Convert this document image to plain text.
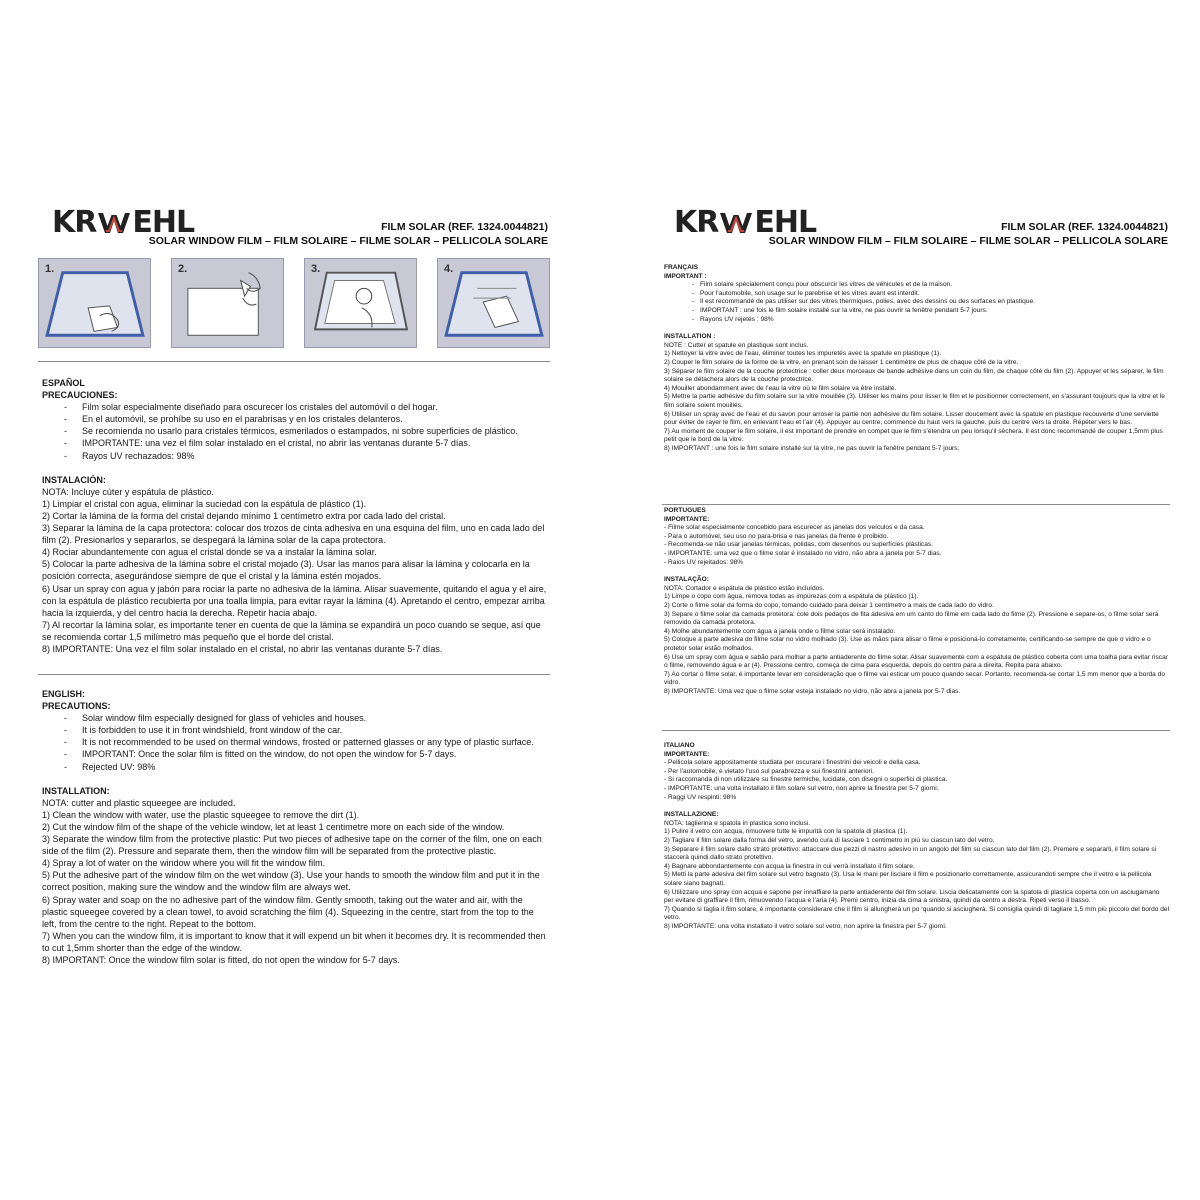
KR EHL	FILM SOLAR (REF. 1324.0044821)
SOLAR WINDOW FILM – FILM SOLAIRE – FILME SOLAR – PELLICOLA SOLARE
1.	2.	3.	4.

ESPAÑOL

PRECAUCIONES:

- Film solar especialmente diseñado para oscurecer los cristales del automóvil o del hogar.
- En el automóvil, se prohíbe su uso en el parabrisas y en los cristales delanteros.
- Se recomienda no usarlo para cristales térmicos, esmerilados o estampados, ni sobre superficies de plástico.
- IMPORTANTE: una vez el film solar instalado en el cristal, no abrir las ventanas durante 5-7 días.
- Rayos UV rechazados: 98%

INSTALACIÓN:

NOTA: Incluye cúter y espátula de plástico.

1) Limpiar el cristal con agua, eliminar la suciedad con la espátula de plástico (1).

2) Cortar la lámina de la forma del cristal dejando mínimo 1 centímetro extra por cada lado del cristal.

3) Separar la lámina de la capa protectora: colocar dos trozos de cinta adhesiva en una esquina del film, uno en cada lado del film (2). Presionarlos y separarlos, se despegará la lámina solar de la capa protectora.

4) Rociar abundantemente con agua el cristal donde se va a instalar la lámina solar.

5) Colocar la parte adhesiva de la lámina sobre el cristal mojado (3). Usar las manos para alisar la lámina y colocarla en la posición correcta, asegurándose siempre de que el cristal y la lámina estén mojados.

6) Usar un spray con agua y jabón para rociar la parte no adhesiva de la lámina. Alisar suavemente, quitando el agua y el aire, con la espátula de plástico recubierta por una toalla limpia, para evitar rayar la lámina (4). Apretando el centro, empezar arriba hacia la izquierda, y del centro hacia la derecha. Repetir hacia abajo.

7) Al recortar la lámina solar, es importante tener en cuenta de que la lámina se expandirá un poco cuando se seque, así que se recomienda cortar 1,5 milímetro más pequeño que el borde del cristal.

8) IMPORTANTE: Una vez el film solar instalado en el cristal, no abrir las ventanas durante 5-7 días.

ENGLISH:

PRECAUTIONS:

- Solar window film especially designed for glass of vehicles and houses.
- It is forbidden to use it in front windshield, front window of the car.
- It is not recommended to be used on thermal windows, frosted or patterned glasses or any type of plastic surface.
- IMPORTANT: Once the solar film is fitted on the window, do not open the window for 5-7 days.
- Rejected UV: 98%

INSTALLATION:

NOTA: cutter and plastic squeegee are included.

1) Clean the window with water, use the plastic squeegee to remove the dirt (1).

2) Cut the window film of the shape of the vehicle window, let at least 1 centimetre more on each side of the window.

3) Separate the window film from the protective plastic: Put two pieces of adhesive tape on the corner of the film, one on each side of the film (2). Pressure and separate them, then the window film will be separated from the protective plastic.

4) Spray a lot of water on the window where you will fit the window film.

5) Put the adhesive part of the window film on the wet window (3). Use your hands to smooth the window film and put it in the correct position, making sure the window and the window film are always wet.

6) Spray water and soap on the no adhesive part of the window film. Gently smooth, taking out the water and air, with the plastic squeegee covered by a clean towel, to avoid scratching the film (4). Squeezing in the centre, start from the top to the left, from the centre to the right. Repeat to the bottom.

7) When you can the window film, it is important to know that it will expend un bit when it becomes dry. It is recommended then to cut 1,5mm shorter than the edge of the window.

8) IMPORTANT: Once the window film solar is fitted, do not open the window for 5-7 days.

KR EHL	FILM SOLAR (REF. 1324.0044821)
SOLAR WINDOW FILM – FILM SOLAIRE – FILME SOLAR – PELLICOLA SOLARE

FRANÇAIS

IMPORTANT :

- Film solaire spécialement conçu pour obscurcir les vitres de véhicules et de la maison.
- Pour l’automobile, son usage sur le parebrise et les vitres avant est interdit.
- Il est recommandé de pas utiliser sur des vitres thermiques, polies, avec des dessins ou des surfaces en plastique.
- IMPORTANT : une fois le film solaire installé sur la vitre, ne pas ouvrir la fenêtre pendant 5-7 jours.
- Rayons UV rejetés : 98%

INSTALLATION :

NOTE : Cutter et spatule en plastique sont inclus.

1) Nettoyer la vitre avec de l’eau, éliminer toutes les impuretés avec la spatule en plastique (1).

2) Couper le film solaire de la forme de la vitre, en prenant soin de laisser 1 centimètre de plus de chaque côté de la vitre.

3) Séparer le film solaire de la couche protectrice : coller deux morceaux de bande adhésive dans un coin du film, de chaque côté du film (2). Appuyer et les séparer, le film solaire se détachera alors de la couche protectrice.

4) Mouiller abondamment avec de l’eau la vitre où le film solaire va être installé.

5) Mettre la partie adhésive du film solaire sur la vitre mouillée (3). Utiliser les mains pour lisser le film et le positionner correctement, en s’assurant toujours que la vitre et le film solaire soient mouillés.

6) Utiliser un spray avec de l’eau et du savon pour arroser la partie non adhésive du film solaire. Lisser doucement avec la spatule en plastique recouverte d’une serviette pour éviter de rayer le film, en enlevant l’eau et l’air (4). Appuyer au centre, commence du haut vers la gauche, puis du centre vers la droite. Répéter vers le bas.

7) Au moment de couper le film solaire, il est important de prendre en compet que le film s’étendra un peu lorsqu’il sèchera. Il est donc recommandé de couper 1,5mm plus petit que le bord de la vitre.

8) IMPORTANT : une fois le film solaire installé sur la vitre, ne pas ouvrir la fenêtre pendant 5-7 jours.

PORTUGUES

IMPORTANTE:

- Filme solar especialmente concebido para escurecer as janelas dos veículos e da casa.
- Para o automóvel, seu uso no para-brisa e nas janelas da frente é proibido.
- Recomenda-se não usar janelas térmicas, polidas, com desenhos ou superfícies plásticas.
- IMPORTANTE: uma vez que o filme solar é instalado no vidro, não abra a janela por 5-7 dias.
- Raios UV rejeitados: 98%

INSTALAÇÃO:

NOTA: Cortador e espátula de plástico estão incluídos.

1) Limpe o copo com água, remova todas as impurezas com a espátula de plástico (1).

2) Corte o filme solar da forma do copo, tomando cuidado para deixar 1 centímetro a mais de cada lado do vidro.

3) Separe o filme solar da camada protetora: cole dois pedaços de fita adesiva em um canto do filme em cada lado do filme (2). Pressione e separe-os, o filme solar será removido da camada protetora.

4) Molhe abundantemente com água a janela onde o filme solar será instalado.

5) Coloque a parte adesiva do filme solar no vidro molhado (3). Use as mãos para alisar o filme e posicioná-lo corretamente, certificando-se sempre de que o vidro e o protetor solar estão molhados.

6) Use um spray com água e sabão para molhar a parte antiaderente do filme solar. Alisar suavemente com a espátula de plástico coberta com uma toalha para evitar riscar o filme, removendo água e ar (4). Pressione centro, começa de cima para esquerda, depois do centro para a direita. Repita para abaixo.

7) Ao cortar o filme solar, é importante levar em consideração que o filme vai esticar um pouco quando secar. Portanto, recomenda-se cortar 1,5 mm menor que a borda do vidro.

8) IMPORTANTE: Uma vez que o filme solar esteja instalado no vidro, não abra a janela por 5-7 dias.

ITALIANO

IMPORTANTE:

- Pellicola solare appositamente studiata per oscurare i finestrini dei veicoli e della casa.
- Per l’automobile, è vietato l’uso sul parabrezza e sui finestrini anteriori.
- Si raccomanda di non utilizzare su finestre termiche, lucidate, con disegni o superfici di plastica.
- IMPORTANTE: una volta installato il film solare sul vetro, non aprire la finestra per 5-7 giorni.
- Raggi UV respinti: 98%

INSTALLAZIONE:

NOTA: taglierina e spatola in plastica sono inclusi.

1) Pulire il vetro con acqua, rimuovere tutte le impurità con la spatola di plastica (1).

2) Tagliare il film solare dalla forma del vetro, avendo cura di lasciare 1 centimetro in più su ciascun lato del vetro.

3) Separare il film solare dallo strato protettivo: attaccare due pezzi di nastro adesivo in un angolo del film su ciascun lato del film (2). Premere e separarli, il film solare si staccerà quindi dallo strato protettivo.

4) Bagnare abbondantemente con acqua la finestra in cui verrà installato il film solare.

5) Metti la parte adesiva del film solare sul vetro bagnato (3). Usa le mani per lisciare il film e posizionarlo correttamente, assicurandoti sempre che il vetro e la pellicola solare siano bagnati.

6) Utilizzare uno spray con acqua e sapone per innaffiare la parte antiaderente del film solare. Liscia delicatamente con la spatola di plastica coperta con un asciugamano per evitare di graffiare il film, rimuovendo l’acqua e l’aria (4). Premi centro, inizia da cima a sinistra, quindi da centro a destra. Ripeti verso il basso.

7) Quando si taglia il film solare, è importante considerare che il film si allungherà un po ‘quando si asciugherà. Si consiglia quindi di tagliare 1,5 mm più piccolo del bordo del vetro.

8) IMPORTANTE: una volta installato il vetro solare sul vetro, non aprire la finestra per 5-7 giorni.
